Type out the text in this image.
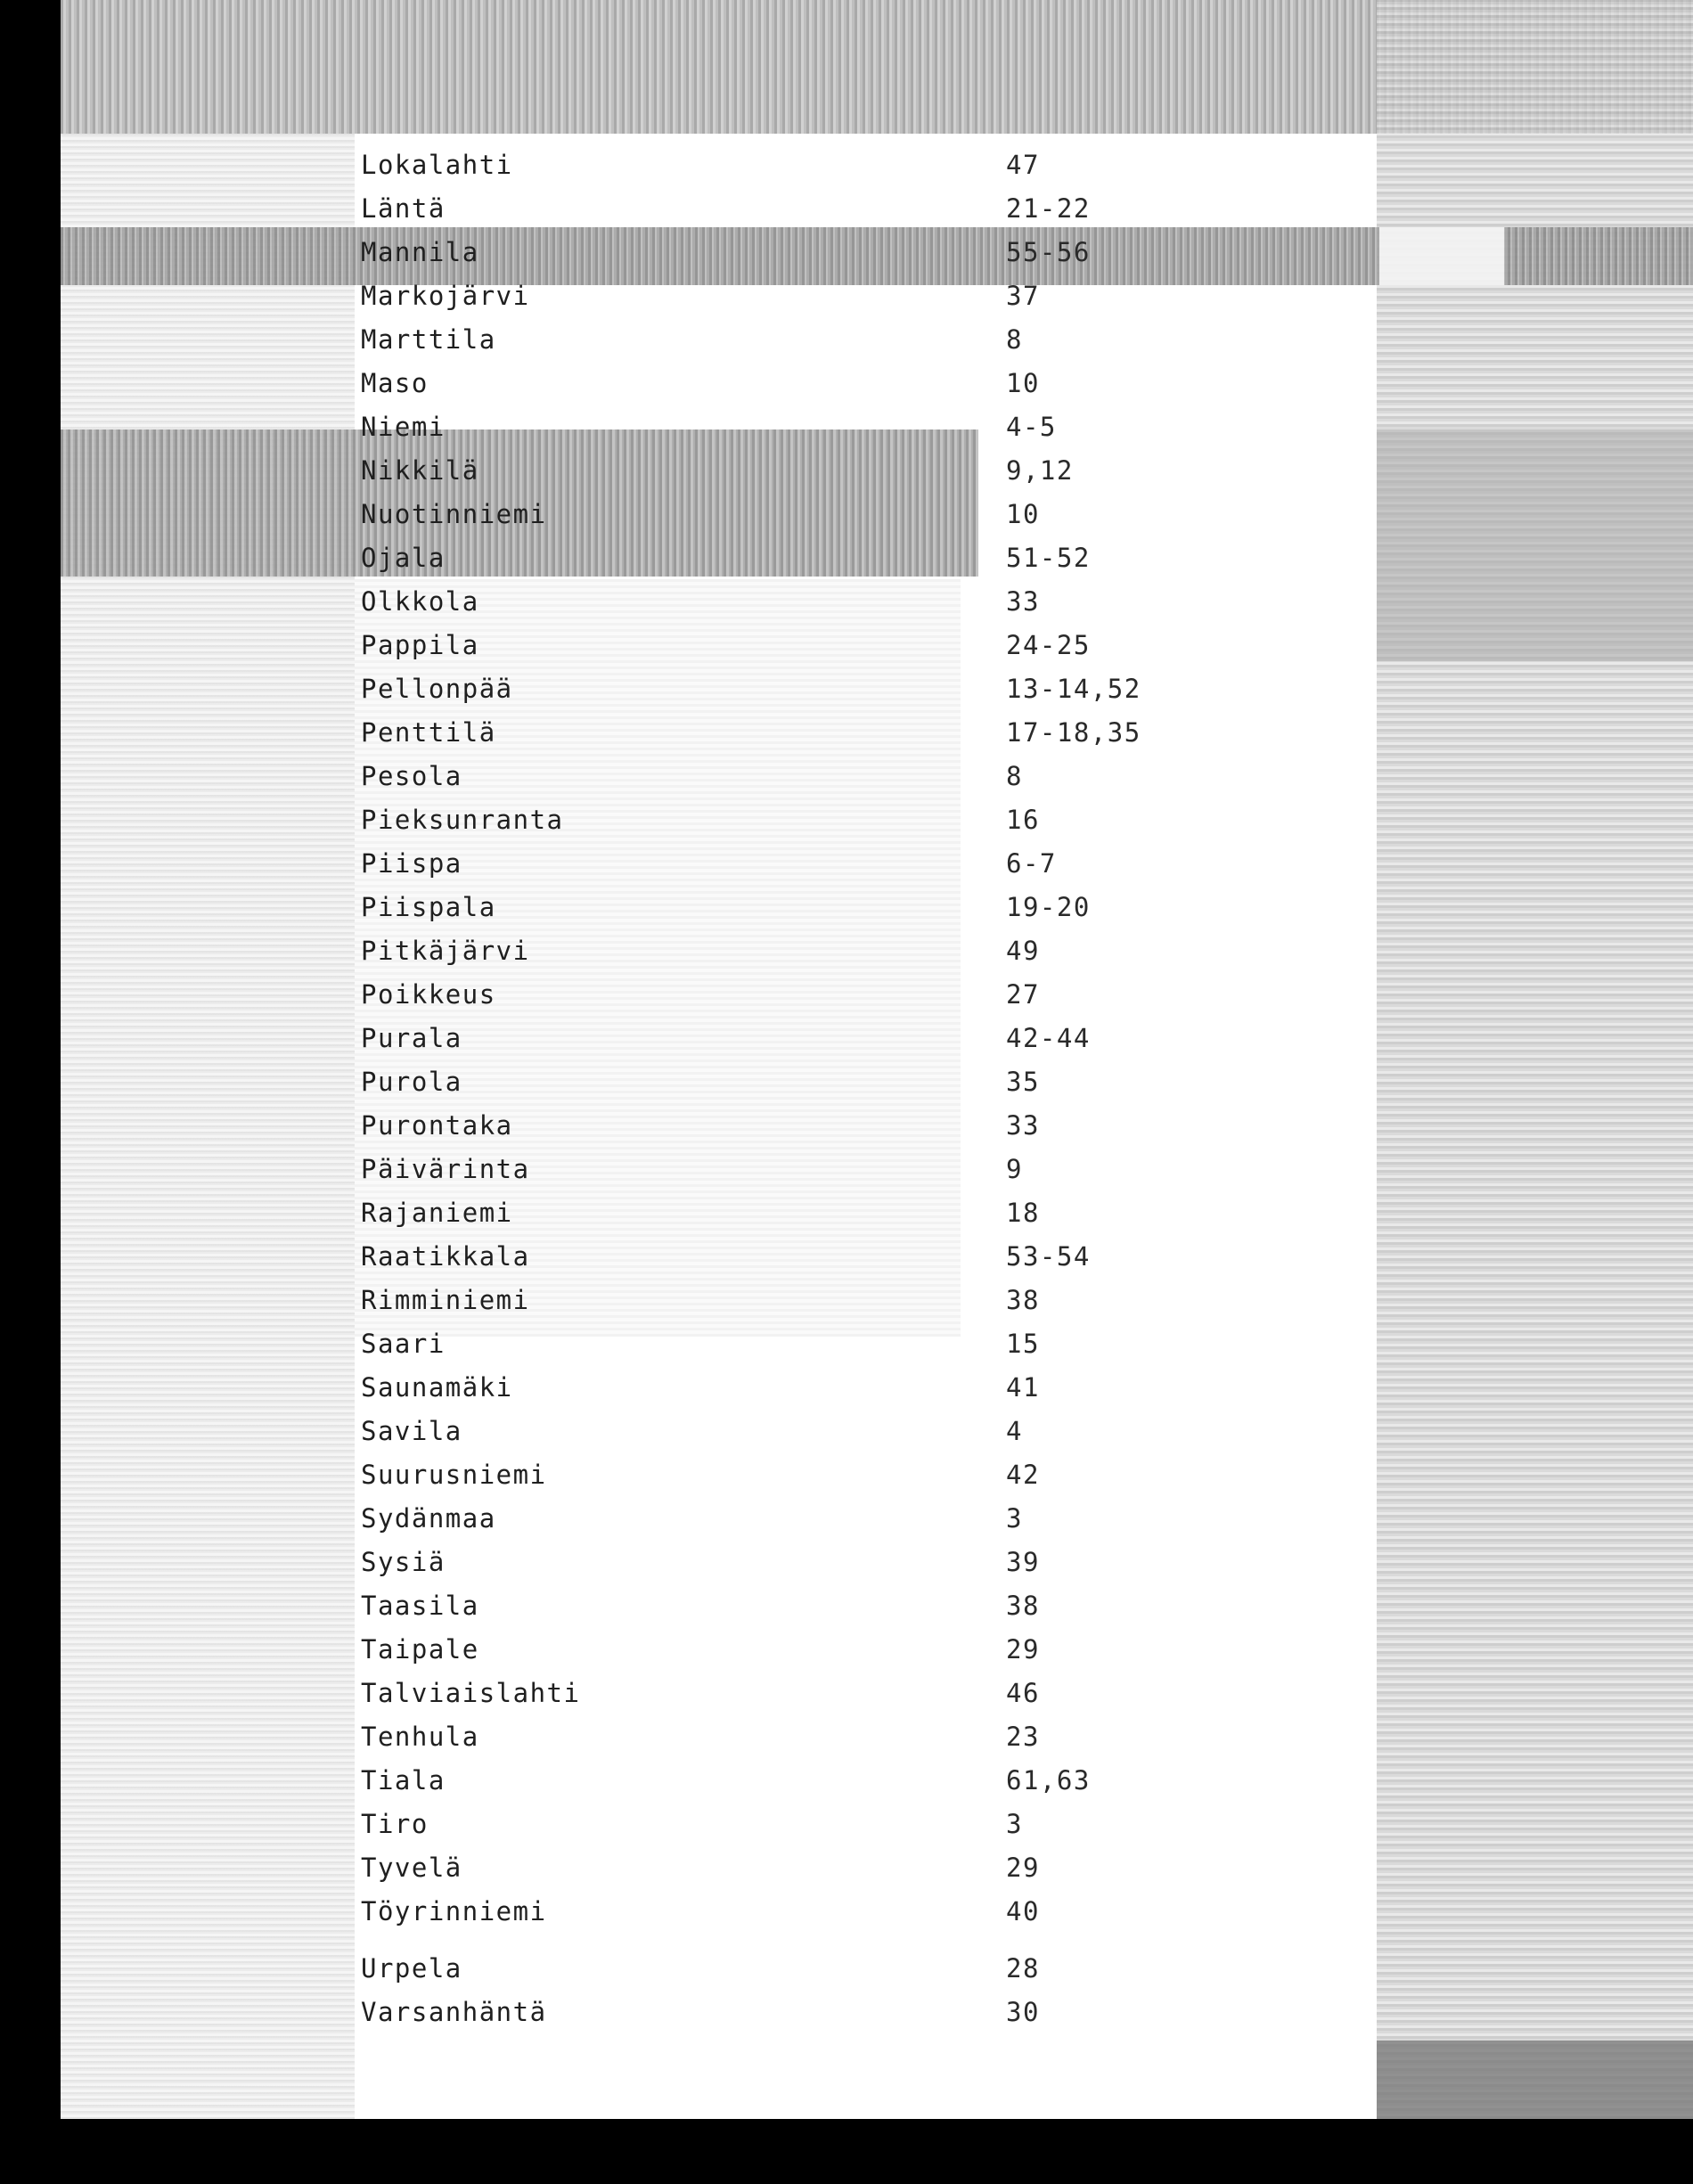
Lokalahti	47
Läntä	21-22
Mannila	55-56
Markojärvi	37
Marttila	8
Maso	10
Niemi	4-5
Nikkilä	9,12
Nuotinniemi	10
Ojala	51-52
Olkkola	33
Pappila	24-25
Pellonpää	13-14,52
Penttilä	17-18,35
Pesola	8
Pieksunranta	16
Piispa	6-7
Piispala	19-20
Pitkäjärvi	49
Poikkeus	27
Purala	42-44
Purola	35
Purontaka	33
Päivärinta	9
Rajaniemi	18
Raatikkala	53-54
Rimminiemi	38
Saari	15
Saunamäki	41
Savila	4
Suurusniemi	42
Sydänmaa	3
Sysiä	39
Taasila	38
Taipale	29
Talviaislahti	46
Tenhula	23
Tiala	61,63
Tiro	3
Tyvelä	29
Töyrinniemi	40
Urpela	28
Varsanhäntä	30
